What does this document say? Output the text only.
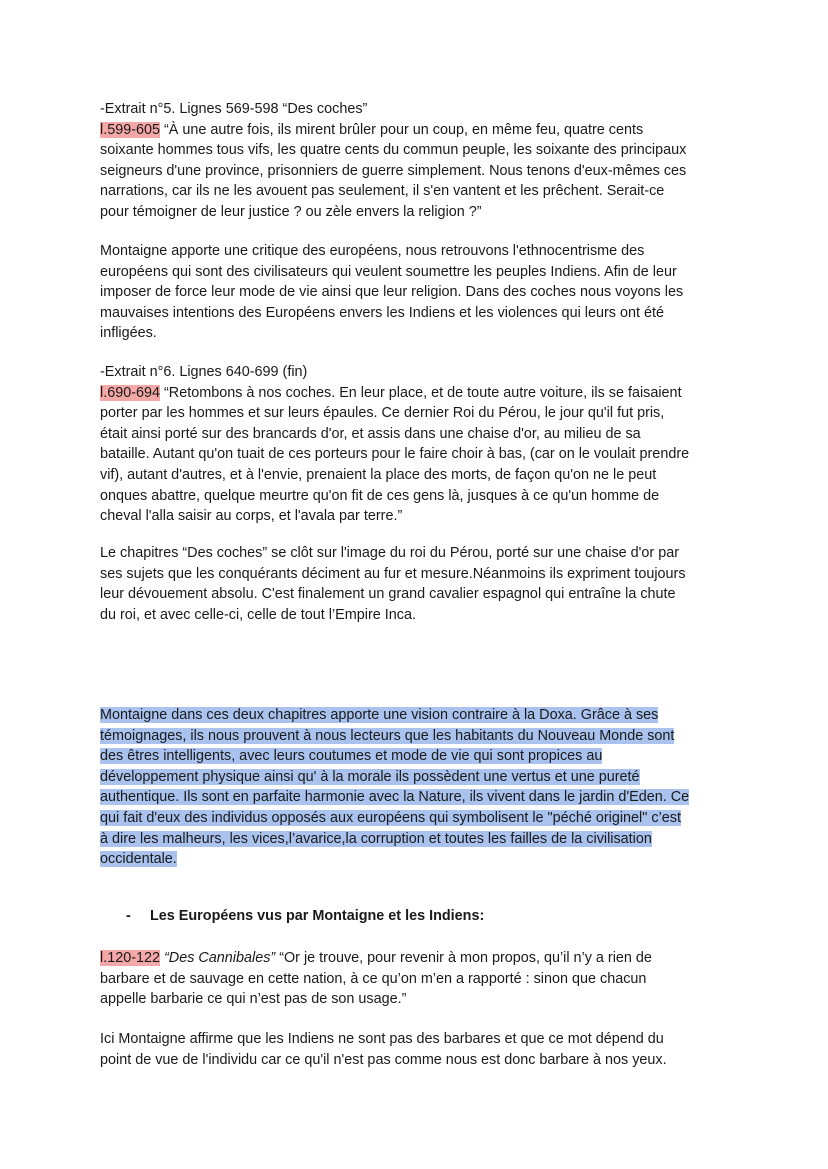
-Extrait n°5. Lignes 569-598 “Des coches”
l.599-605 “À une autre fois, ils mirent brûler pour un coup, en même feu, quatre cents
soixante hommes tous vifs, les quatre cents du commun peuple, les soixante des principaux
seigneurs d'une province, prisonniers de guerre simplement. Nous tenons d'eux-mêmes ces
narrations, car ils ne les avouent pas seulement, il s'en vantent et les prêchent. Serait-ce
pour témoigner de leur justice ? ou zèle envers la religion ?”
Montaigne apporte une critique des européens, nous retrouvons l'ethnocentrisme des
européens qui sont des civilisateurs qui veulent soumettre les peuples Indiens. Afin de leur
imposer de force leur mode de vie ainsi que leur religion. Dans des coches nous voyons les
mauvaises intentions des Européens envers les Indiens et les violences qui leurs ont été
infligées.
-Extrait n°6. Lignes 640-699 (fin)
l.690-694 “Retombons à nos coches. En leur place, et de toute autre voiture, ils se faisaient
porter par les hommes et sur leurs épaules. Ce dernier Roi du Pérou, le jour qu'il fut pris,
était ainsi porté sur des brancards d'or, et assis dans une chaise d'or, au milieu de sa
bataille. Autant qu'on tuait de ces porteurs pour le faire choir à bas, (car on le voulait prendre
vif), autant d'autres, et à l'envie, prenaient la place des morts, de façon qu'on ne le peut
onques abattre, quelque meurtre qu'on fit de ces gens là, jusques à ce qu'un homme de
cheval l'alla saisir au corps, et l'avala par terre.”
Le chapitres “Des coches” se clôt sur l'image du roi du Pérou, porté sur une chaise d'or par
ses sujets que les conquérants déciment au fur et mesure.Néanmoins ils expriment toujours
leur dévouement absolu. C'est finalement un grand cavalier espagnol qui entraîne la chute
du roi, et avec celle-ci, celle de tout l’Empire Inca.
Montaigne dans ces deux chapitres apporte une vision contraire à la Doxa. Grâce à ses
témoignages, ils nous prouvent à nous lecteurs que les habitants du Nouveau Monde sont
des êtres intelligents, avec leurs coutumes et mode de vie qui sont propices au
développement physique ainsi qu' à la morale ils possèdent une vertus et une pureté
authentique. Ils sont en parfaite harmonie avec la Nature, ils vivent dans le jardin d'Eden. Ce
qui fait d'eux des individus opposés aux européens qui symbolisent le "péché originel" c’est
à dire les malheurs, les vices,l’avarice,la corruption et toutes les failles de la civilisation
occidentale.
- Les Européens vus par Montaigne et les Indiens:
l.120-122 “Des Cannibales” “Or je trouve, pour revenir à mon propos, qu’il n’y a rien de
barbare et de sauvage en cette nation, à ce qu’on m’en a rapporté : sinon que chacun
appelle barbarie ce qui n’est pas de son usage.”
Ici Montaigne affirme que les Indiens ne sont pas des barbares et que ce mot dépend du
point de vue de l'individu car ce qu'il n'est pas comme nous est donc barbare à nos yeux.
